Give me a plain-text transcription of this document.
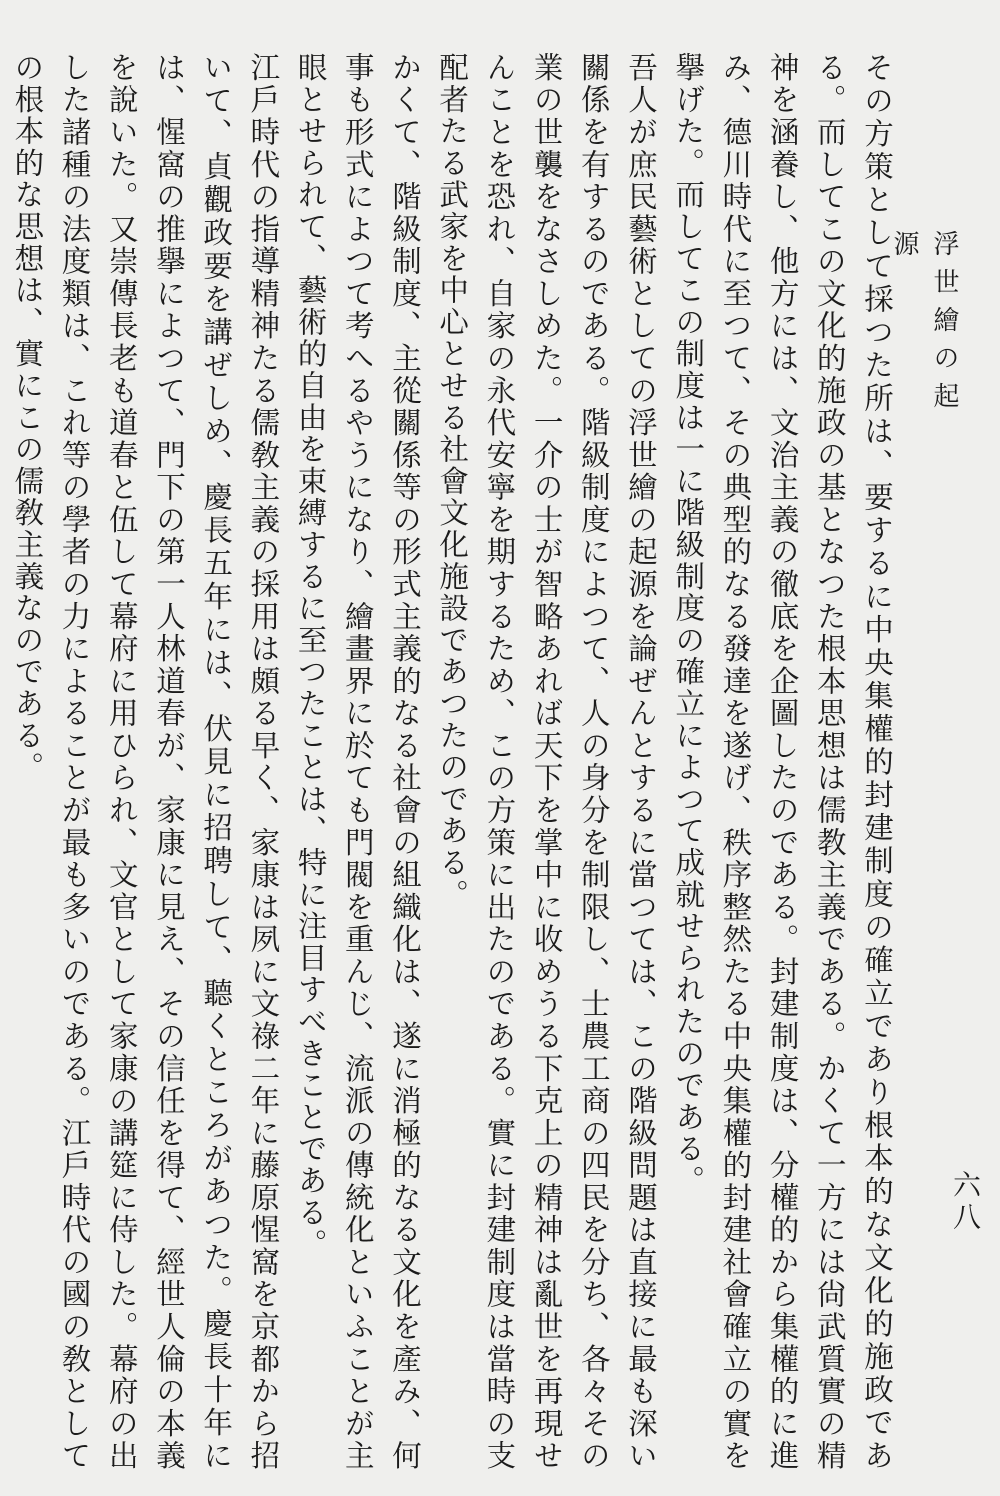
浮世繪の起源
六八

その方策として採つた所は、要するに中央集權的封建制度の確立であり根本的な文化的施政である。而してこの文化的施政の基となつた根本思想は儒教主義である。かくて一方には尙武質實の精神を涵養し、他方には、文治主義の徹底を企圖したのである。封建制度は、分權的から集權的に進み、德川時代に至つて、その典型的なる發達を遂げ、秩序整然たる中央集權的封建社會確立の實を擧げた。而してこの制度は一に階級制度の確立によつて成就せられたのである。

吾人が庶民藝術としての浮世繪の起源を論ぜんとするに當つては、この階級問題は直接に最も深い關係を有するのである。階級制度によつて、人の身分を制限し、士農工商の四民を分ち、各々その業の世襲をなさしめた。一介の士が智略あれば天下を掌中に收めうる下克上の精神は亂世を再現せんことを恐れ、自家の永代安寧を期するため、この方策に出たのである。實に封建制度は當時の支配者たる武家を中心とせる社會文化施設であつたのである。

かくて、階級制度、主從關係等の形式主義的なる社會の組織化は、遂に消極的なる文化を產み、何事も形式によつて考へるやうになり、繪畫界に於ても門閥を重んじ、流派の傳統化といふことが主眼とせられて、藝術的自由を束縛するに至つたことは、特に注目すべきことである。

江戶時代の指導精神たる儒敎主義の採用は頗る早く、家康は夙に文祿二年に藤原惺窩を京都から招いて、貞觀政要を講ぜしめ、慶長五年には、伏見に招聘して、聽くところがあつた。慶長十年には、惺窩の推擧によつて、門下の第一人林道春が、家康に見え、その信任を得て、經世人倫の本義を說いた。又崇傳長老も道春と伍して幕府に用ひられ、文官として家康の講筵に侍した。幕府の出した諸種の法度類は、これ等の學者の力によることが最も多いのである。江戶時代の國の敎としての根本的な思想は、實にこの儒敎主義なのである。
